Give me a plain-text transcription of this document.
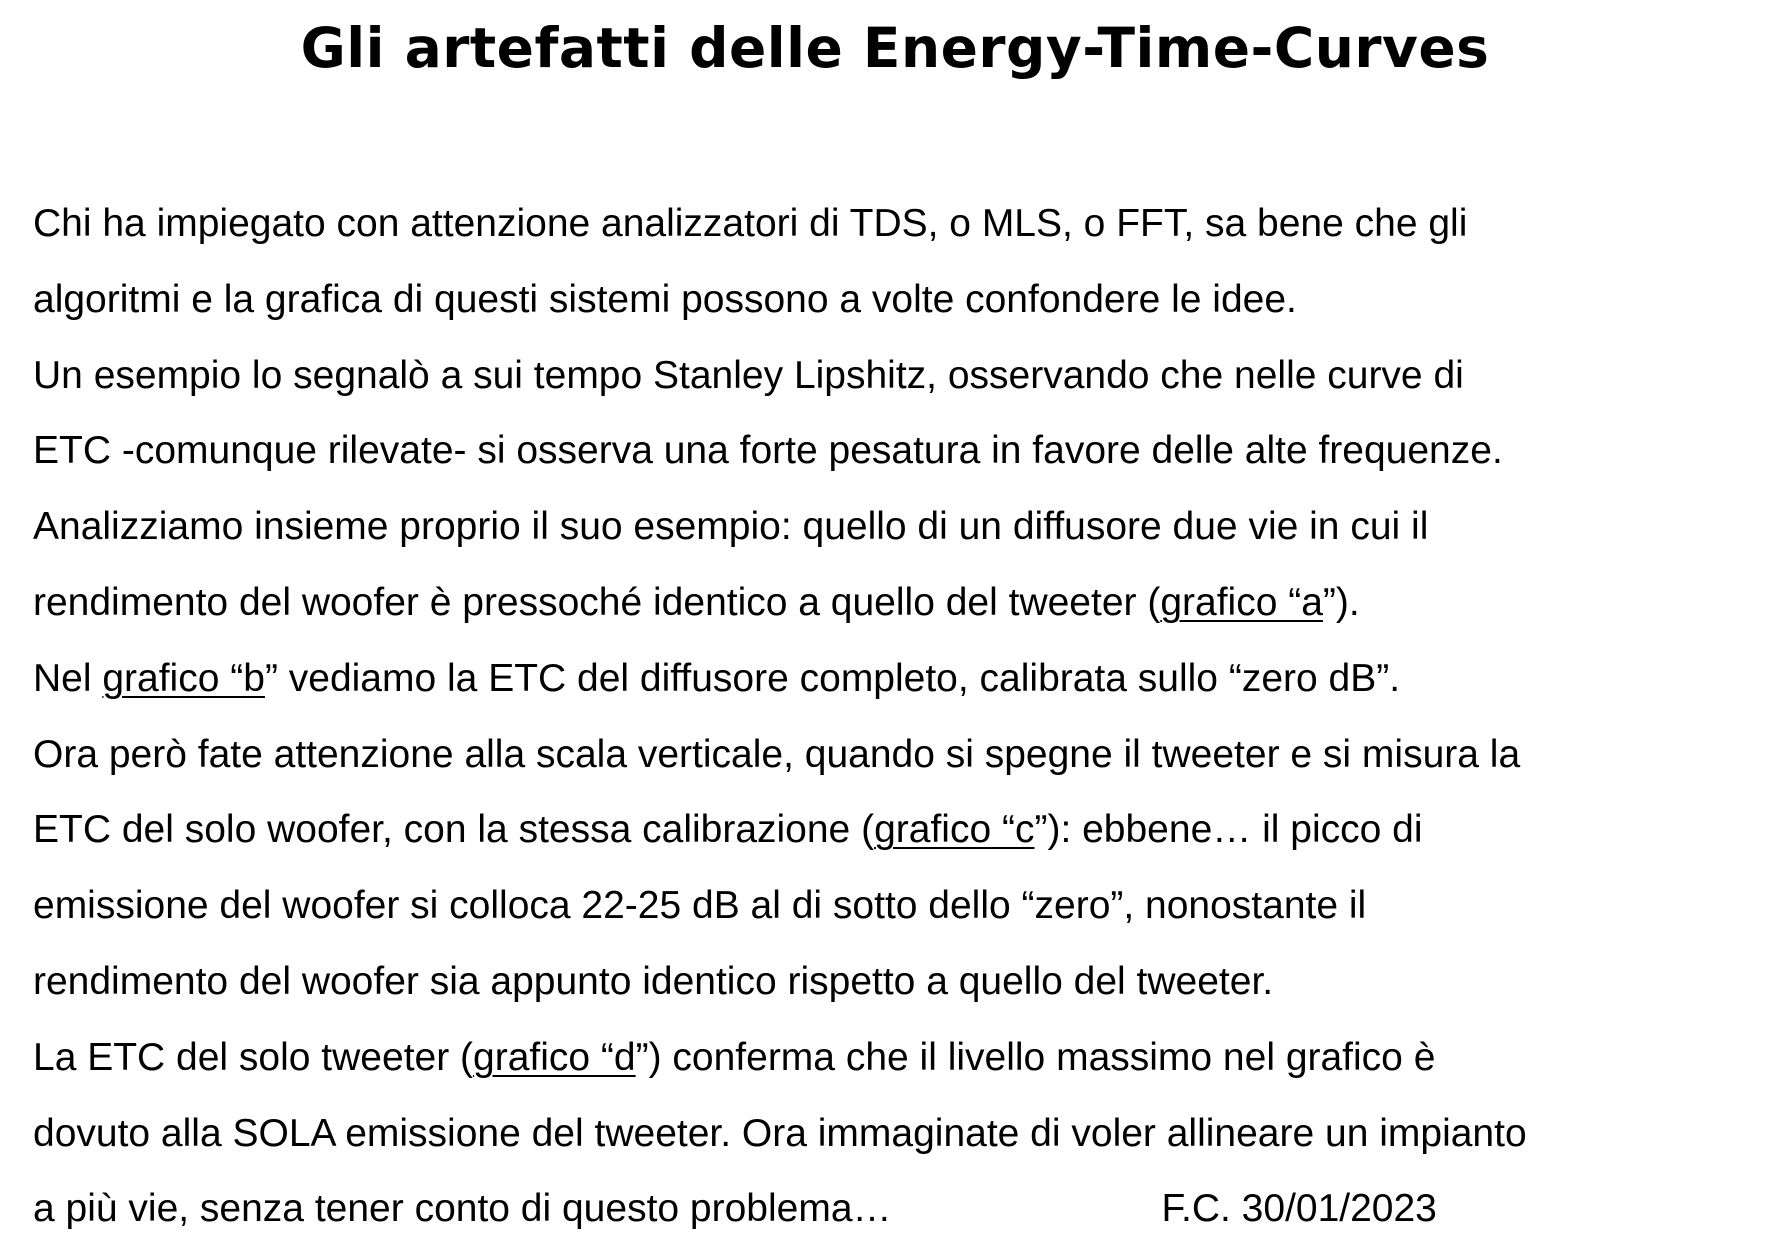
Gli artefatti delle Energy-Time-Curves
Chi ha impiegato con attenzione analizzatori di TDS, o MLS, o FFT, sa bene che gli
algoritmi e la grafica di questi sistemi possono a volte confondere le idee.
Un esempio lo segnalò a sui tempo Stanley Lipshitz, osservando che nelle curve di
ETC -comunque rilevate- si osserva una forte pesatura in favore delle alte frequenze.
Analizziamo insieme proprio il suo esempio: quello di un diffusore due vie in cui il
rendimento del woofer è pressoché identico a quello del tweeter (grafico “a”).
Nel grafico “b” vediamo la ETC del diffusore completo, calibrata sullo “zero dB”.
Ora però fate attenzione alla scala verticale, quando si spegne il tweeter e si misura la
ETC del solo woofer, con la stessa calibrazione (grafico “c”): ebbene… il picco di
emissione del woofer si colloca 22-25 dB al di sotto dello “zero”, nonostante il
rendimento del woofer sia appunto identico rispetto a quello del tweeter.
La ETC del solo tweeter (grafico “d”) conferma che il livello massimo nel grafico è
dovuto alla SOLA emissione del tweeter. Ora immaginate di voler allineare un impianto
a più vie, senza tener conto di questo problema…	F.C. 30/01/2023
